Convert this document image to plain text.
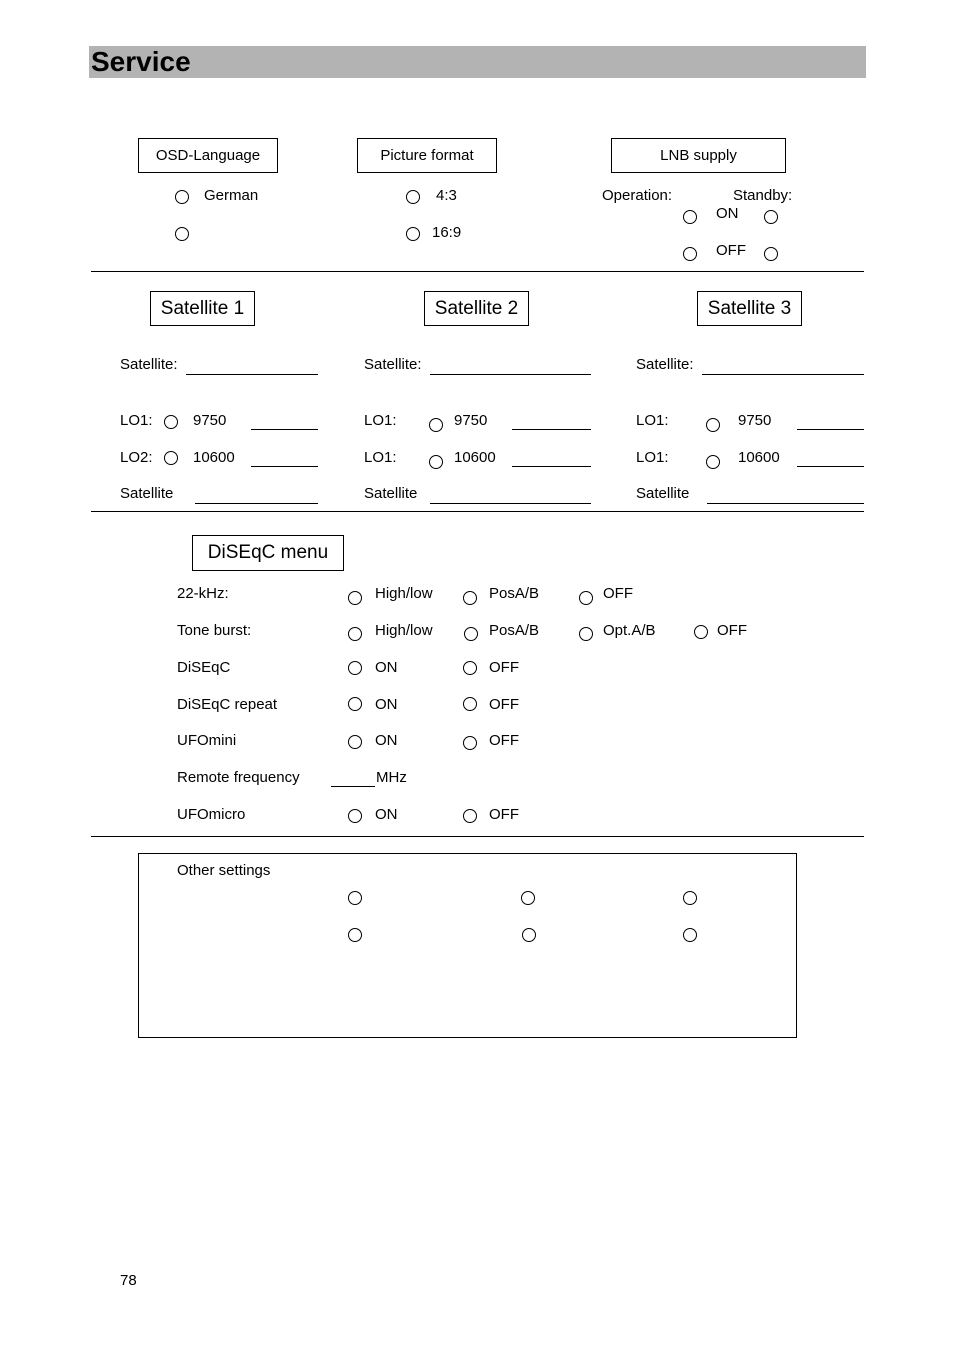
Service
OSD-Language	Picture format	LNB supply
German	4:3
16:9
Operation:	Standby:
ON
OFF
Satellite 1
Satellite:
LO1:	9750
LO2:	10600
Satellite
Satellite 2
Satellite:
LO1:	9750
LO1:	10600
Satellite
Satellite 3
Satellite:
LO1:	9750
LO1:	10600
Satellite
DiSEqC menu
22-kHz:	High/low	PosA/B	OFF
Tone burst:	High/low	PosA/B	Opt.A/B	OFF
DiSEqC	ON	OFF
DiSEqC repeat	ON	OFF
UFOmini	ON	OFF
Remote frequency	MHz
UFOmicro	ON	OFF
Other settings
78
